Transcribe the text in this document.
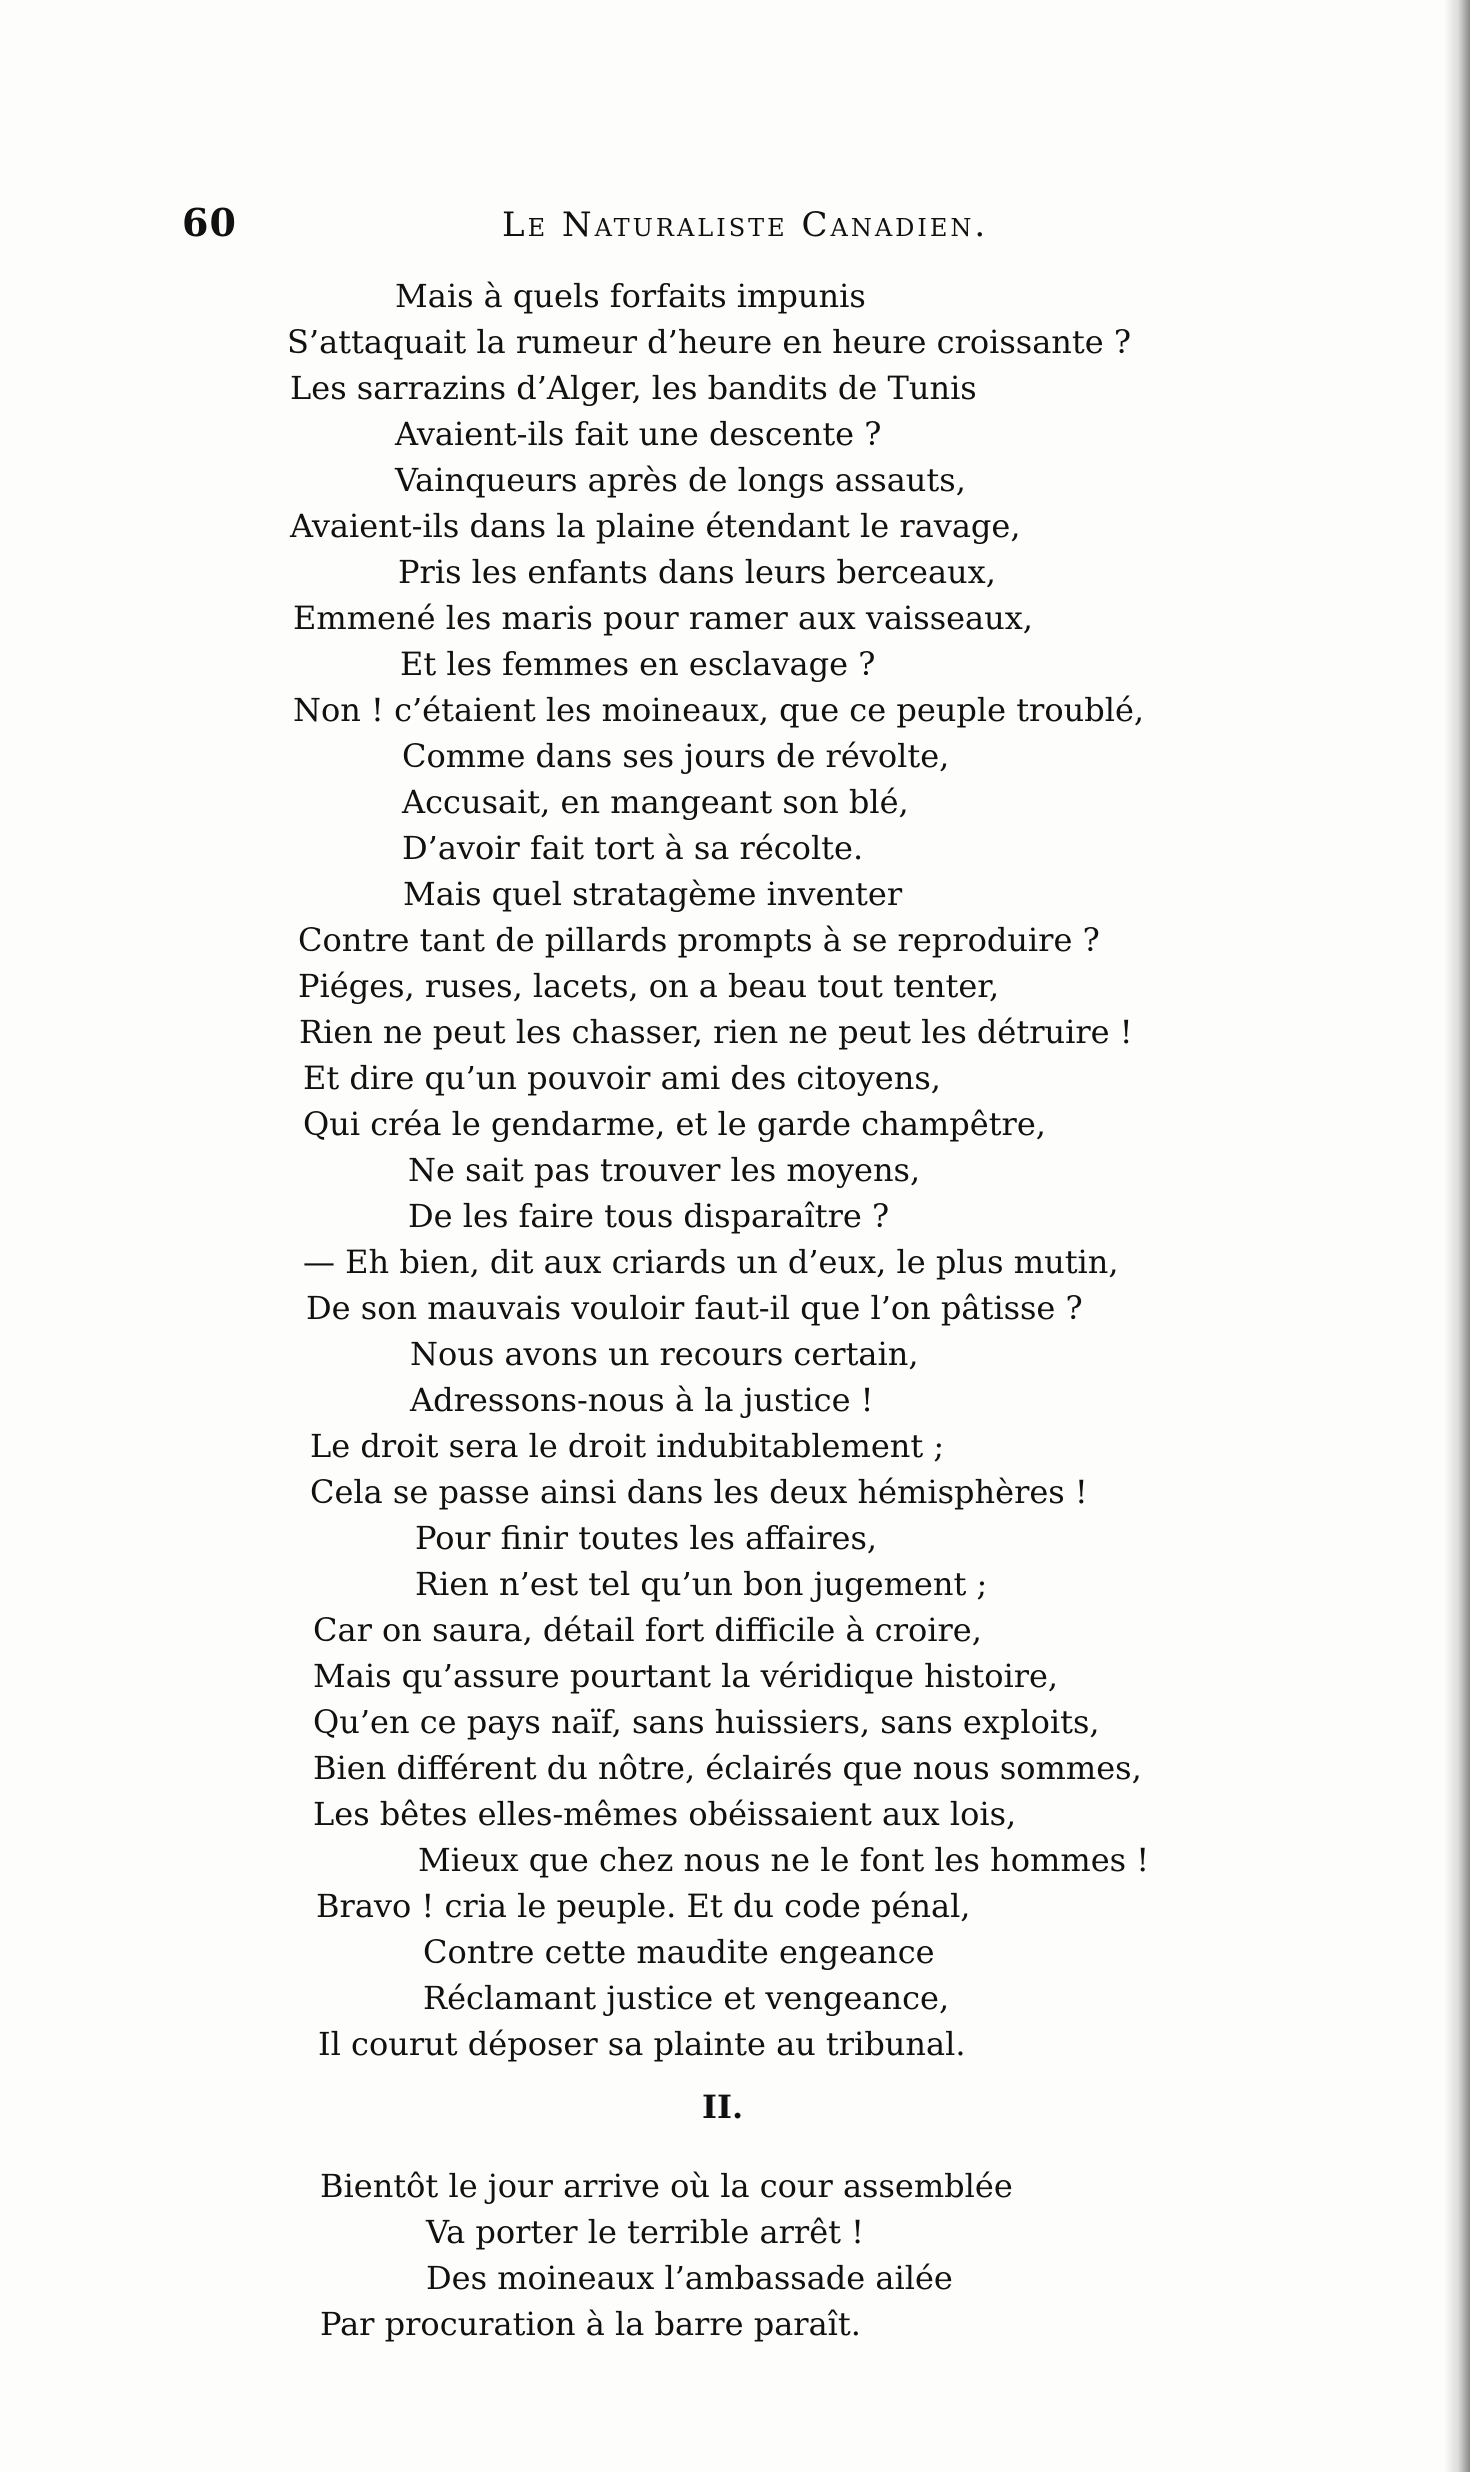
60	Le Naturaliste Canadien.
Mais à quels forfaits impunis
S’attaquait la rumeur d’heure en heure croissante ?
Les sarrazins d’Alger, les bandits de Tunis
Avaient-ils fait une descente ?
Vainqueurs après de longs assauts,
Avaient-ils dans la plaine étendant le ravage,
Pris les enfants dans leurs berceaux,
Emmené les maris pour ramer aux vaisseaux,
Et les femmes en esclavage ?
Non ! c’étaient les moineaux, que ce peuple troublé,
Comme dans ses jours de révolte,
Accusait, en mangeant son blé,
D’avoir fait tort à sa récolte.
Mais quel stratagème inventer
Contre tant de pillards prompts à se reproduire ?
Piéges, ruses, lacets, on a beau tout tenter,
Rien ne peut les chasser, rien ne peut les détruire !
Et dire qu’un pouvoir ami des citoyens,
Qui créa le gendarme, et le garde champêtre,
Ne sait pas trouver les moyens,
De les faire tous disparaître ?
— Eh bien, dit aux criards un d’eux, le plus mutin,
De son mauvais vouloir faut-il que l’on pâtisse ?
Nous avons un recours certain,
Adressons-nous à la justice !
Le droit sera le droit indubitablement ;
Cela se passe ainsi dans les deux hémisphères !
Pour finir toutes les affaires,
Rien n’est tel qu’un bon jugement ;
Car on saura, détail fort difficile à croire,
Mais qu’assure pourtant la véridique histoire,
Qu’en ce pays naïf, sans huissiers, sans exploits,
Bien différent du nôtre, éclairés que nous sommes,
Les bêtes elles-mêmes obéissaient aux lois,
Mieux que chez nous ne le font les hommes !
Bravo ! cria le peuple. Et du code pénal,
Contre cette maudite engeance
Réclamant justice et vengeance,
Il courut déposer sa plainte au tribunal.
II.
Bientôt le jour arrive où la cour assemblée
Va porter le terrible arrêt !
Des moineaux l’ambassade ailée
Par procuration à la barre paraît.
